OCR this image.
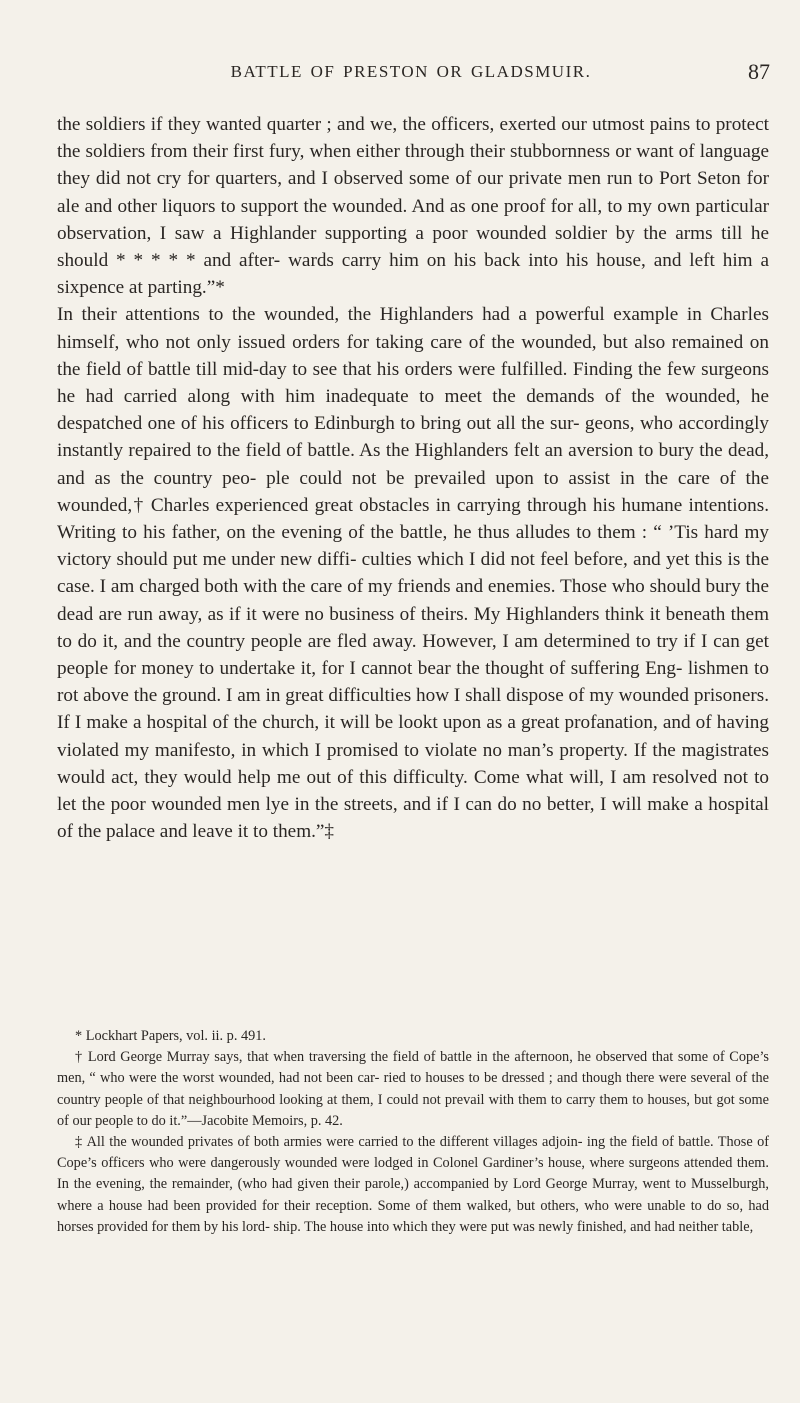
BATTLE OF PRESTON OR GLADSMUIR.	87

the soldiers if they wanted quarter ; and we, the officers, exerted our utmost pains to protect the soldiers from their first fury, when either through their stubbornness or want of language they did not cry for quarters, and I observed some of our private men run to Port Seton for ale and other liquors to support the wounded. And as one proof for all, to my own particular observation, I saw a Highlander supporting a poor wounded soldier by the arms till he should * * * * * and after- wards carry him on his back into his house, and left him a sixpence at parting.”*

In their attentions to the wounded, the Highlanders had a powerful example in Charles himself, who not only issued orders for taking care of the wounded, but also remained on the field of battle till mid-day to see that his orders were fulfilled. Finding the few surgeons he had carried along with him inadequate to meet the demands of the wounded, he despatched one of his officers to Edinburgh to bring out all the sur- geons, who accordingly instantly repaired to the field of battle. As the Highlanders felt an aversion to bury the dead, and as the country peo- ple could not be prevailed upon to assist in the care of the wounded,† Charles experienced great obstacles in carrying through his humane intentions. Writing to his father, on the evening of the battle, he thus alludes to them : “ ’Tis hard my victory should put me under new diffi- culties which I did not feel before, and yet this is the case. I am charged both with the care of my friends and enemies. Those who should bury the dead are run away, as if it were no business of theirs. My Highlanders think it beneath them to do it, and the country people are fled away. However, I am determined to try if I can get people for money to undertake it, for I cannot bear the thought of suffering Eng- lishmen to rot above the ground. I am in great difficulties how I shall dispose of my wounded prisoners. If I make a hospital of the church, it will be lookt upon as a great profanation, and of having violated my manifesto, in which I promised to violate no man’s property. If the magistrates would act, they would help me out of this difficulty. Come what will, I am resolved not to let the poor wounded men lye in the streets, and if I can do no better, I will make a hospital of the palace and leave it to them.”‡

* Lockhart Papers, vol. ii. p. 491.

† Lord George Murray says, that when traversing the field of battle in the afternoon, he observed that some of Cope’s men, “ who were the worst wounded, had not been car- ried to houses to be dressed ; and though there were several of the country people of that neighbourhood looking at them, I could not prevail with them to carry them to houses, but got some of our people to do it.”—Jacobite Memoirs, p. 42.

‡ All the wounded privates of both armies were carried to the different villages adjoin- ing the field of battle. Those of Cope’s officers who were dangerously wounded were lodged in Colonel Gardiner’s house, where surgeons attended them. In the evening, the remainder, (who had given their parole,) accompanied by Lord George Murray, went to Musselburgh, where a house had been provided for their reception. Some of them walked, but others, who were unable to do so, had horses provided for them by his lord- ship. The house into which they were put was newly finished, and had neither table,
